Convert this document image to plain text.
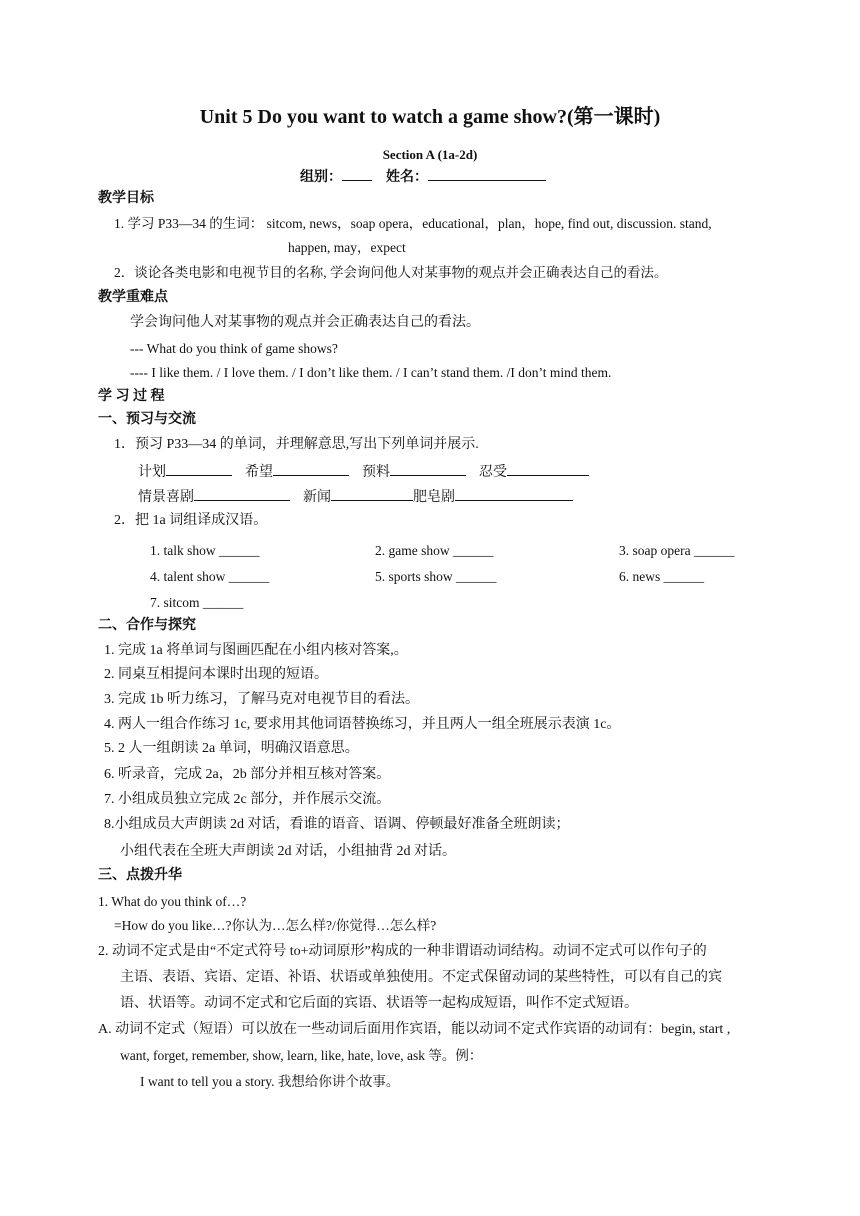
Unit 5 Do you want to watch a game show?(第一课时)
Section A (1a-2d)
组别：	姓名：
教学目标
1. 学习 P33—34 的生词： sitcom, news，soap opera，educational，plan，hope, find out, discussion. stand,
happen, may，expect
2．谈论各类电影和电视节目的名称, 学会询问他人对某事物的观点并会正确表达自己的看法。
教学重难点
学会询问他人对某事物的观点并会正确表达自己的看法。
--- What do you think of game shows?
---- I like them. / I love them. / I don’t like them. / I can’t stand them. /I don’t mind them.
学 习 过 程
一、预习与交流
1．预习 P33—34 的单词，并理解意思,写出下列单词并展示.
计划	希望	预料	忍受
情景喜剧	新闻	肥皂剧
2．把 1a 词组译成汉语。
1. talk show ______	2. game show ______	3. soap opera ______
4. talent show ______	5. sports show ______	6. news ______
7. sitcom ______
二、合作与探究
1. 完成 1a 将单词与图画匹配在小组内核对答案,。
2. 同桌互相提问本课时出现的短语。
3. 完成 1b 听力练习，了解马克对电视节目的看法。
4. 两人一组合作练习 1c, 要求用其他词语替换练习，并且两人一组全班展示表演 1c。
5. 2 人一组朗读 2a 单词，明确汉语意思。
6. 听录音，完成 2a，2b 部分并相互核对答案。
7. 小组成员独立完成 2c 部分，并作展示交流。
8.小组成员大声朗读 2d 对话，看谁的语音、语调、停顿最好准备全班朗读；
小组代表在全班大声朗读 2d 对话，小组抽背 2d 对话。
三、点拨升华
1. What do you think of…?
=How do you like…?你认为…怎么样?/你觉得…怎么样?
2. 动词不定式是由“不定式符号 to+动词原形”构成的一种非谓语动词结构。动词不定式可以作句子的
主语、表语、宾语、定语、补语、状语或单独使用。不定式保留动词的某些特性，可以有自己的宾
语、状语等。动词不定式和它后面的宾语、状语等一起构成短语，叫作不定式短语。
A. 动词不定式（短语）可以放在一些动词后面用作宾语，能以动词不定式作宾语的动词有：begin, start ,
want, forget, remember, show, learn, like, hate, love, ask 等。例：
I want to tell you a story. 我想给你讲个故事。
